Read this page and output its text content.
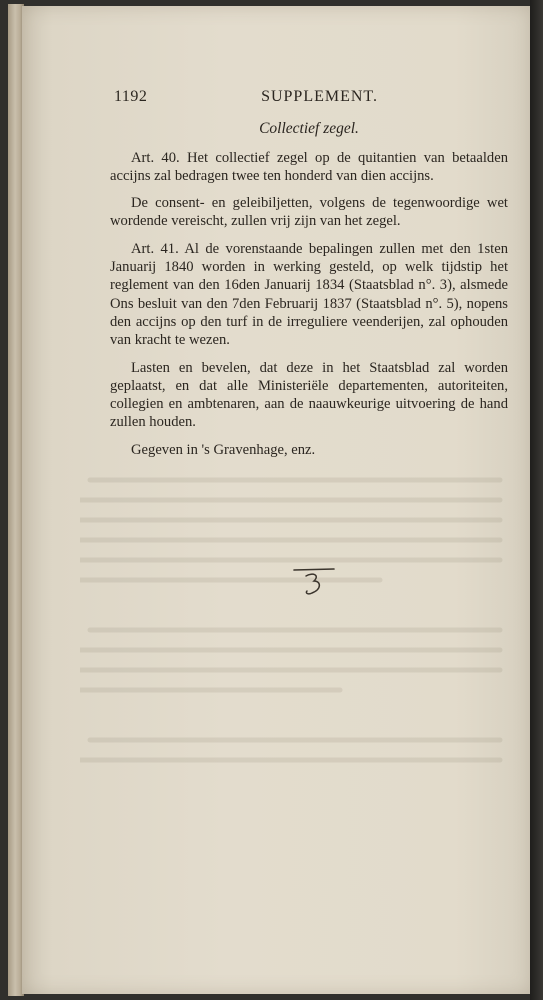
1192	SUPPLEMENT.
Collectief zegel.

Art. 40. Het collectief zegel op de quitantien van betaalden accijns zal bedragen twee ten honderd van dien accijns.

De consent- en geleibiljetten, volgens de tegenwoordige wet wordende vereischt, zullen vrij zijn van het zegel.

Art. 41. Al de vorenstaande bepalingen zullen met den 1sten Januarij 1840 worden in werking gesteld, op welk tijdstip het reglement van den 16den Januarij 1834 (Staatsblad n°. 3), alsmede Ons besluit van den 7den Februarij 1837 (Staatsblad n°. 5), nopens den accijns op den turf in de irreguliere veenderijen, zal ophouden van kracht te wezen.

Lasten en bevelen, dat deze in het Staatsblad zal worden geplaatst, en dat alle Ministeriële departementen, autoriteiten, collegien en ambtenaren, aan de naauwkeurige uitvoering de hand zullen houden.

Gegeven in 's Gravenhage, enz.
